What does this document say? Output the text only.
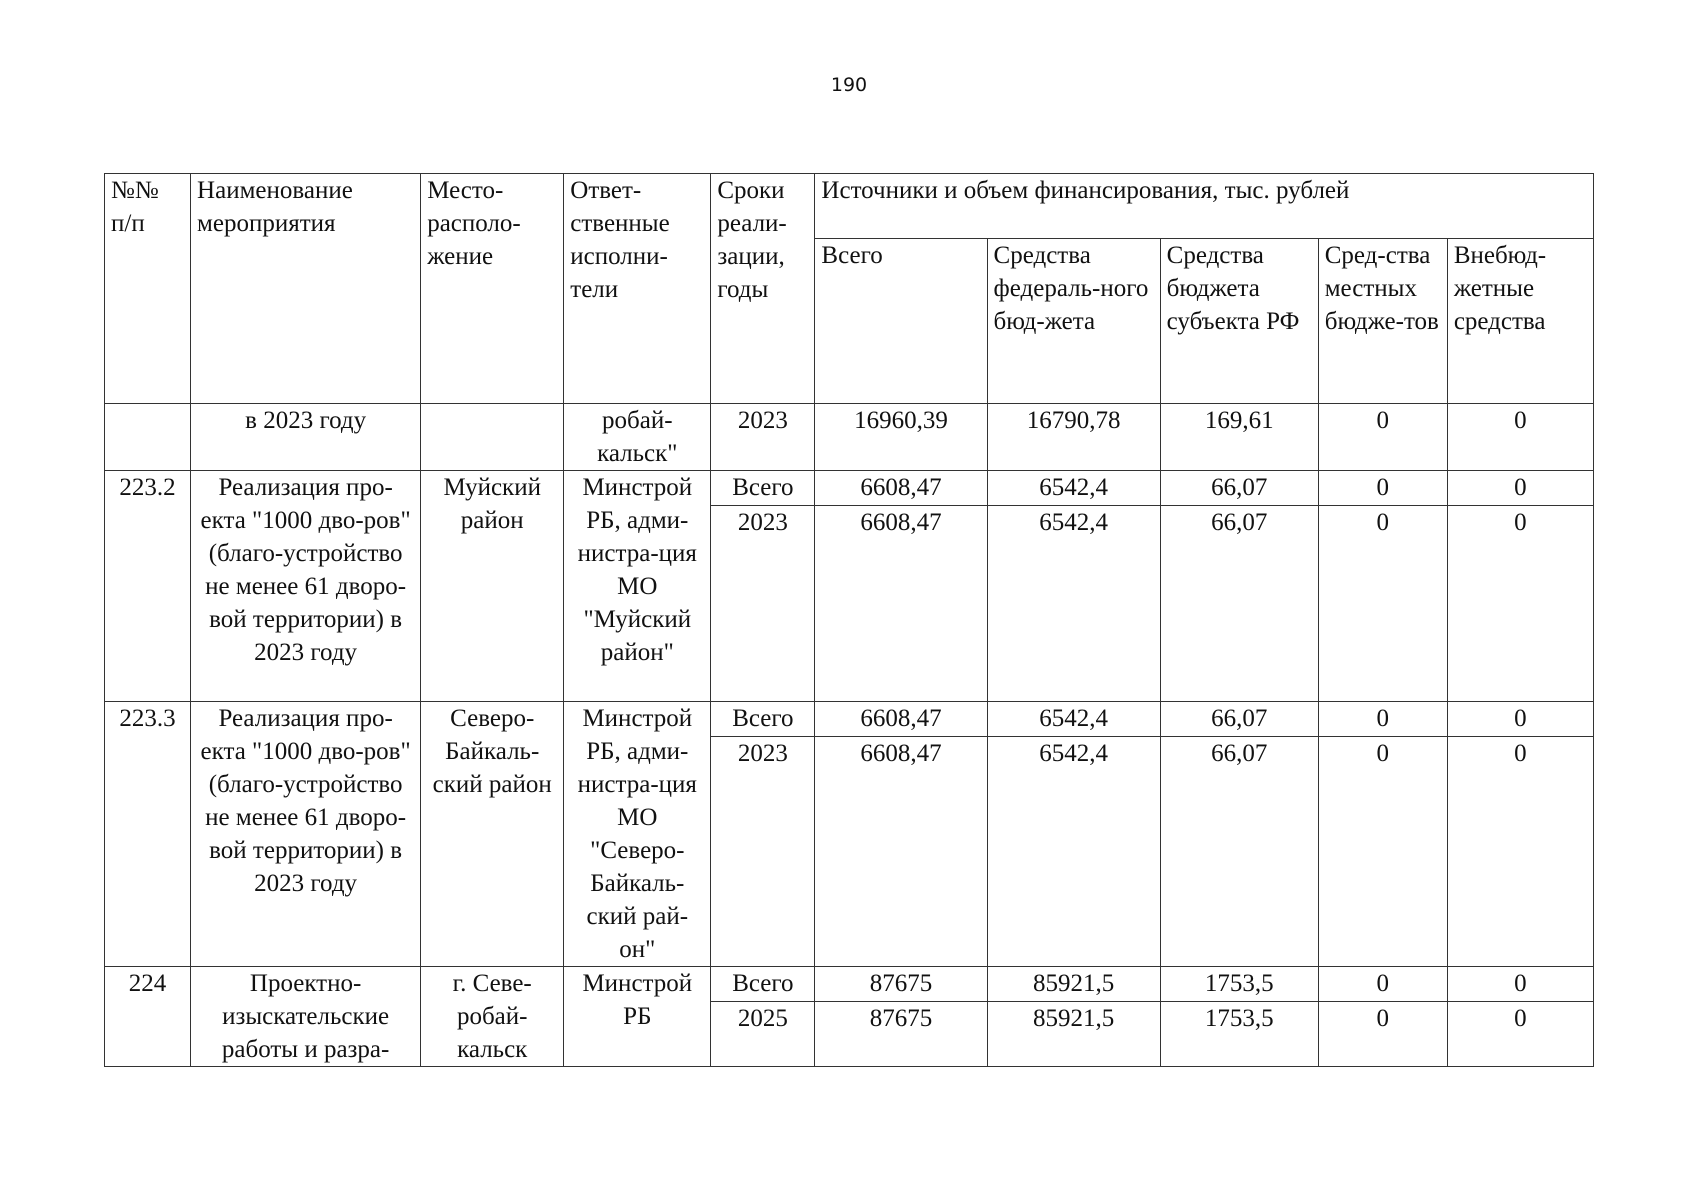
190
№№ п/п	Наименование мероприятия	Место-располо-жение	Ответ-ственные исполни-тели	Сроки реали-зации, годы	Источники и объем финансирования, тыс. рублей				
					Всего	Средства федераль-ного бюд-жета	Средства бюджета субъекта РФ	Сред-ства местных бюдже-тов	Внебюд-жетные средства
	в 2023 году		робай-кальск"	2023	16960,39	16790,78	169,61	0	0
223.2	Реализация про-екта "1000 дво-ров" (благо-устройство не менее 61 дворо-вой территории) в 2023 году	Муйский район	Минстрой РБ, адми-нистра-ция МО "Муйский район"	Всего	6608,47	6542,4	66,07	0	0
				2023	6608,47	6542,4	66,07	0	0
223.3	Реализация про-екта "1000 дво-ров" (благо-устройство не менее 61 дворо-вой территории) в 2023 году	Северо-Байкаль-ский район	Минстрой РБ, адми-нистра-ция МО "Северо-Байкаль-ский рай-он"	Всего	6608,47	6542,4	66,07	0	0
				2023	6608,47	6542,4	66,07	0	0
224	Проектно-изыскательские работы и разра-	г. Севе-робай-кальск	Минстрой РБ	Всего	87675	85921,5	1753,5	0	0
				2025	87675	85921,5	1753,5	0	0
